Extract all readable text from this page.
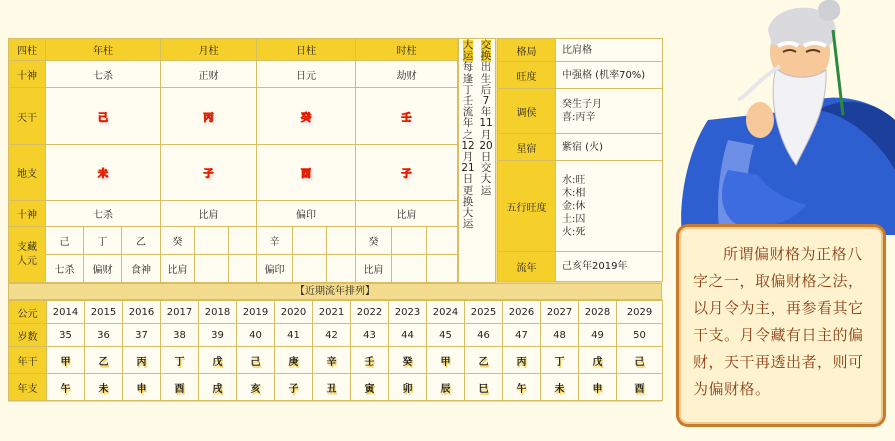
四柱	年柱			月柱			日柱			时柱		
十神	七杀			正财			日元			劫财		
天干	己			丙			癸			壬		
地支	未			子			酉			子		
十神	七杀			比肩			偏印			比肩		
支藏人元	己	丁	乙	癸			辛			癸		
	七杀	偏财	食神	比肩			偏印			比肩		
大
运
每
逢
丁
壬
流
年
之
12
月
21
日
更
换
大
运
交
换
出
生
后
7
年
11
月
20
日
交
大
运
格局	比肩格
旺度	中强格 (机率70%)
调侯	癸生子月
喜:丙辛
星宿	紫宿 (火)
五行旺度	水:旺
木:相
金:休
土:囚
火:死
流年	己亥年2019年
【近期流年排列】
公元	2014	2015	2016	2017	2018	2019	2020	2021	2022	2023	2024	2025	2026	2027	2028	2029
岁数	35	36	37	38	39	40	41	42	43	44	45	46	47	48	49	50
年干	甲	乙	丙	丁	戊	己	庚	辛	壬	癸	甲	乙	丙	丁	戊	己
年支	午	未	申	酉	戌	亥	子	丑	寅	卯	辰	巳	午	未	申	酉

所谓偏财格为正格八字之一，取偏财格之法，以月令为主，再参看其它干支。月令藏有日主的偏财，天干再透出者，则可为偏财格。
